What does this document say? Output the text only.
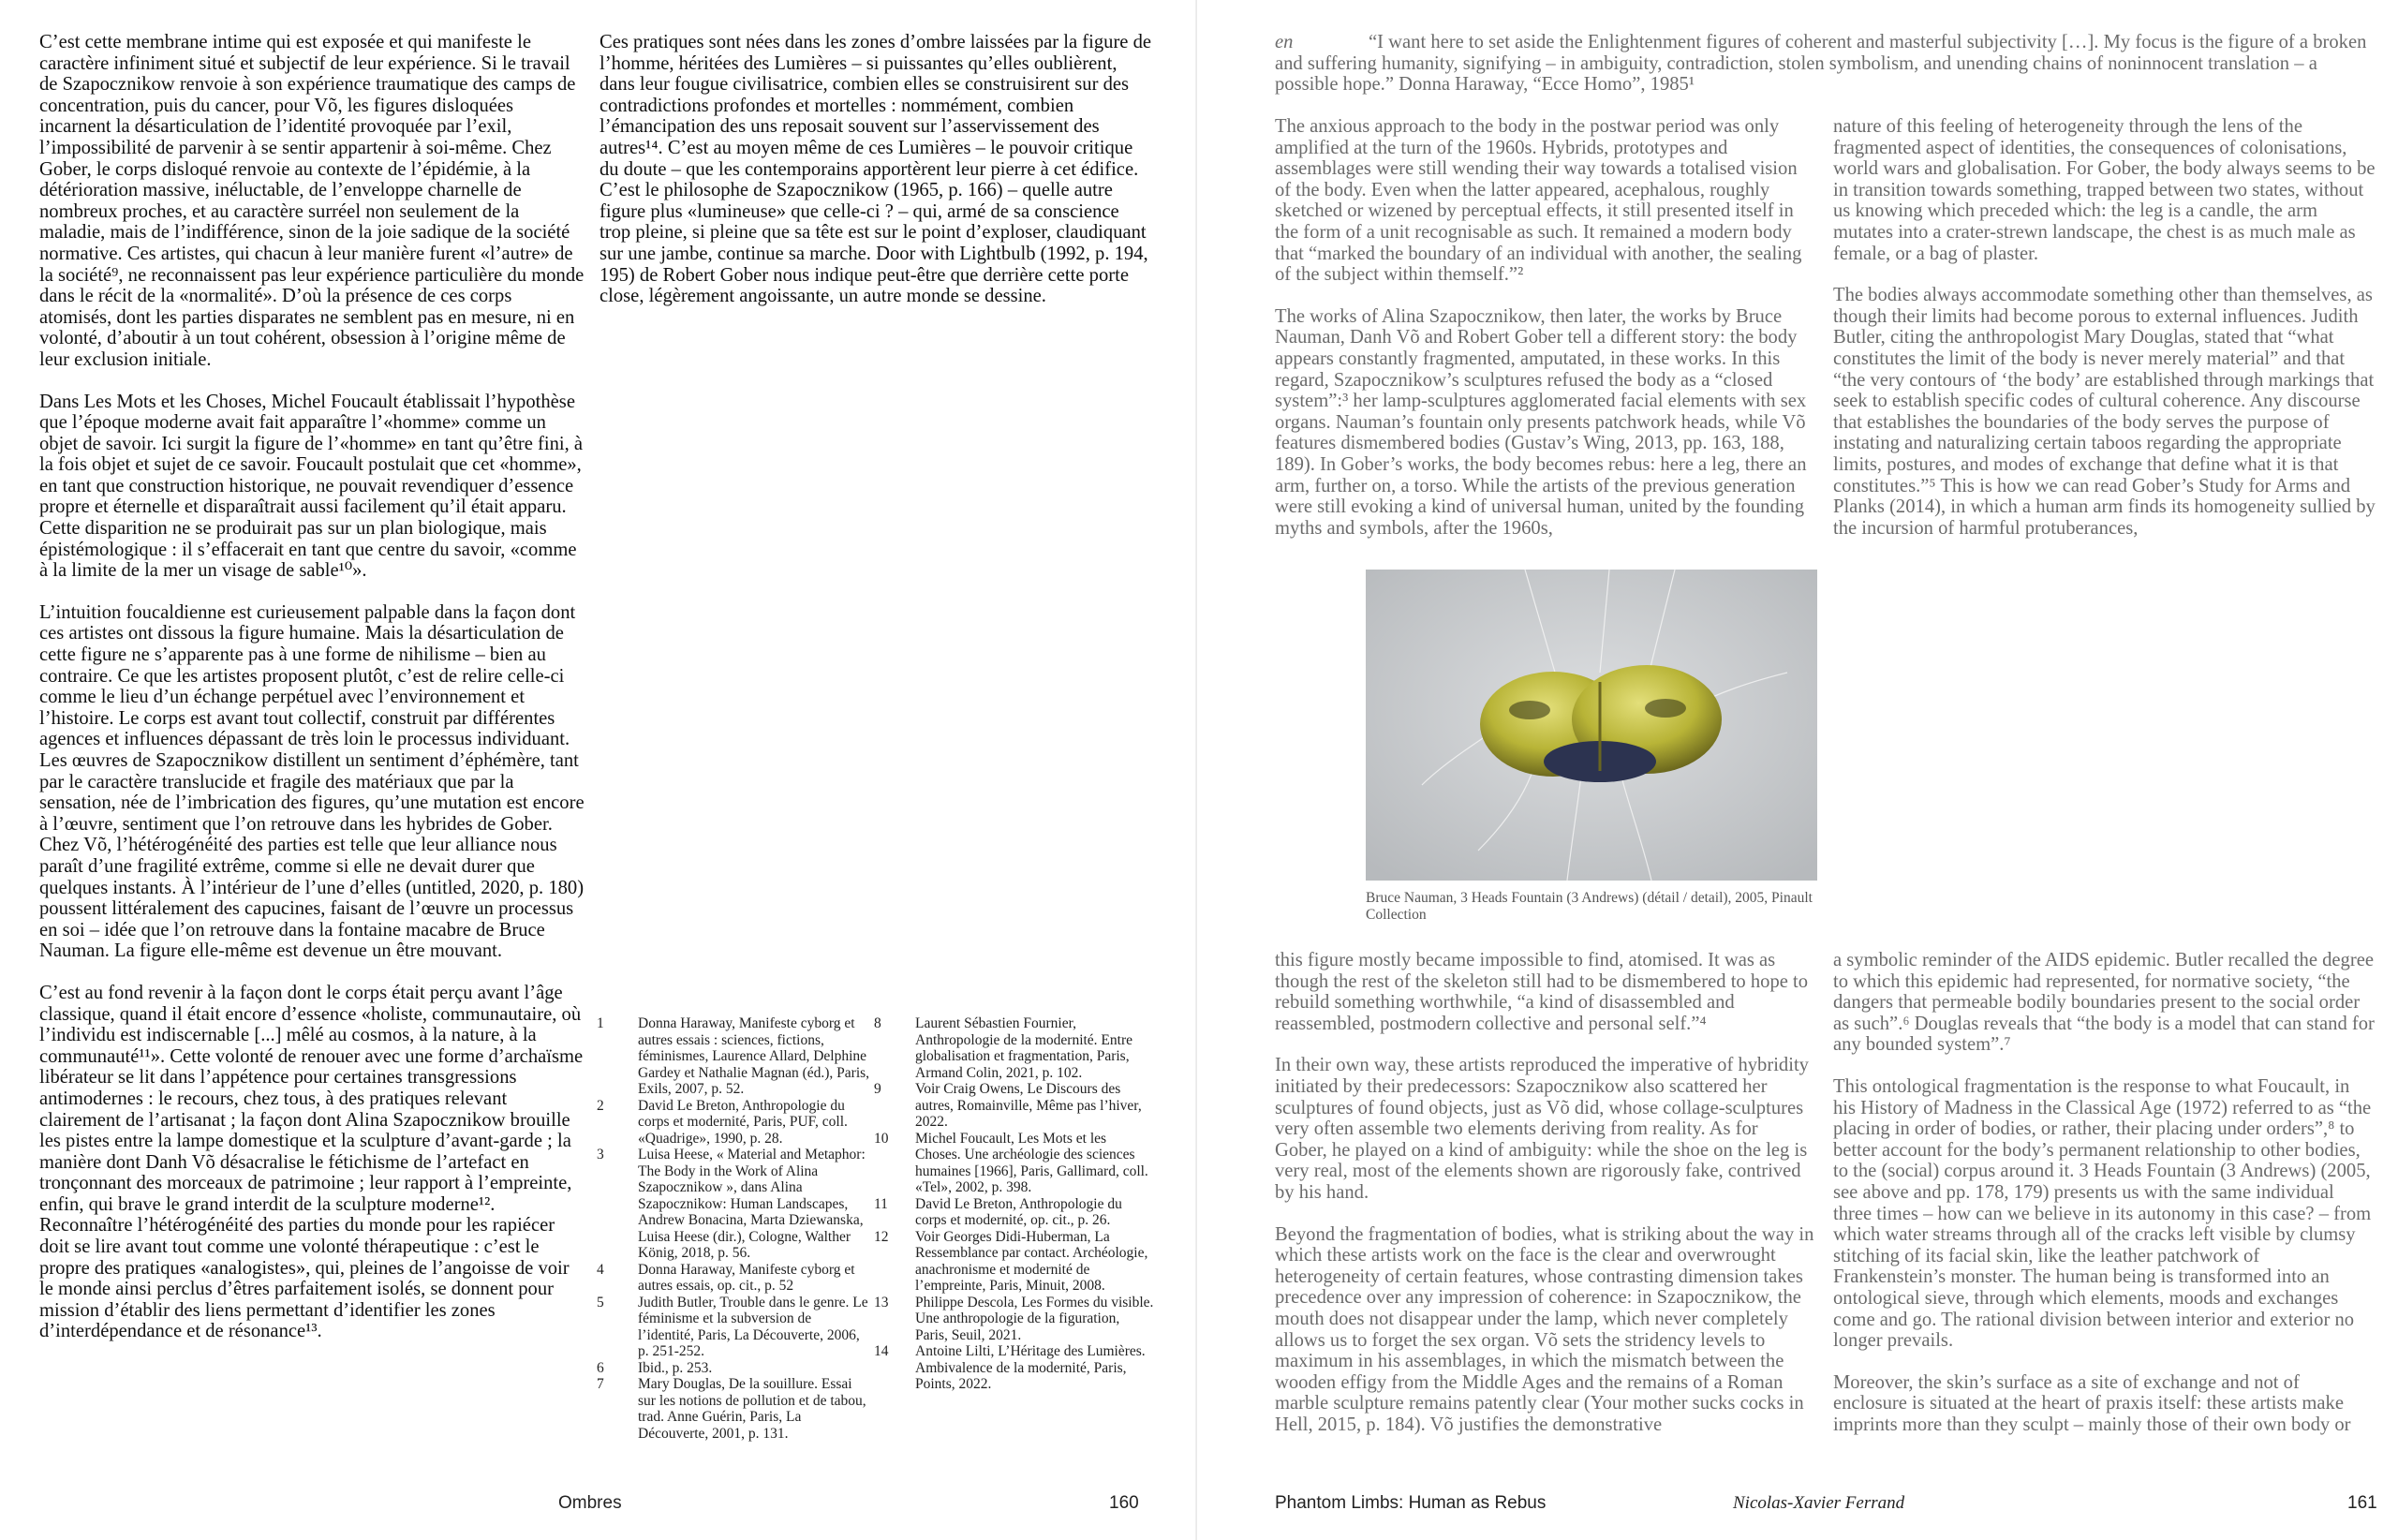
C’est cette membrane intime qui est exposée et qui manifeste le caractère infiniment situé et subjectif de leur expérience. Si le travail de Szapocznikow renvoie à son expérience traumatique des camps de concentration, puis du cancer, pour Võ, les figures disloquées incarnent la désarticulation de l’identité provoquée par l’exil, l’impossibilité de parvenir à se sentir appartenir à soi-même. Chez Gober, le corps disloqué renvoie au contexte de l’épidémie, à la détérioration massive, inéluctable, de l’enveloppe charnelle de nombreux proches, et au caractère surréel non seulement de la maladie, mais de l’indifférence, sinon de la joie sadique de la société normative. Ces artistes, qui chacun à leur manière furent «l’autre» de la société⁹, ne reconnaissent pas leur expérience particulière du monde dans le récit de la «normalité». D’où la présence de ces corps atomisés, dont les parties disparates ne semblent pas en mesure, ni en volonté, d’aboutir à un tout cohérent, obsession à l’origine même de leur exclusion initiale.

Dans Les Mots et les Choses, Michel Foucault établissait l’hypothèse que l’époque moderne avait fait apparaître l’«homme» comme un objet de savoir. Ici surgit la figure de l’«homme» en tant qu’être fini, à la fois objet et sujet de ce savoir. Foucault postulait que cet «homme», en tant que construction historique, ne pouvait revendiquer d’essence propre et éternelle et disparaîtrait aussi facilement qu’il était apparu. Cette disparition ne se produirait pas sur un plan biologique, mais épistémologique : il s’effacerait en tant que centre du savoir, «comme à la limite de la mer un visage de sable¹⁰».

L’intuition foucaldienne est curieusement palpable dans la façon dont ces artistes ont dissous la figure humaine. Mais la désarticulation de cette figure ne s’apparente pas à une forme de nihilisme – bien au contraire. Ce que les artistes proposent plutôt, c’est de relire celle-ci comme le lieu d’un échange perpétuel avec l’environnement et l’histoire. Le corps est avant tout collectif, construit par différentes agences et influences dépassant de très loin le processus individuant. Les œuvres de Szapocznikow distillent un sentiment d’éphémère, tant par le caractère translucide et fragile des matériaux que par la sensation, née de l’imbrication des figures, qu’une mutation est encore à l’œuvre, sentiment que l’on retrouve dans les hybrides de Gober. Chez Võ, l’hétérogénéité des parties est telle que leur alliance nous paraît d’une fragilité extrême, comme si elle ne devait durer que quelques instants. À l’intérieur de l’une d’elles (untitled, 2020, p. 180) poussent littéralement des capucines, faisant de l’œuvre un processus en soi – idée que l’on retrouve dans la fontaine macabre de Bruce Nauman. La figure elle-même est devenue un être mouvant.

C’est au fond revenir à la façon dont le corps était perçu avant l’âge classique, quand il était encore d’essence «holiste, communautaire, où l’individu est indiscernable [...] mêlé au cosmos, à la nature, à la communauté¹¹». Cette volonté de renouer avec une forme d’archaïsme libérateur se lit dans l’appétence pour certaines transgressions antimodernes : le recours, chez tous, à des pratiques relevant clairement de l’artisanat ; la façon dont Alina Szapocznikow brouille les pistes entre la lampe domestique et la sculpture d’avant-garde ; la manière dont Danh Võ désacralise le fétichisme de l’artefact en tronçonnant des morceaux de patrimoine ; leur rapport à l’empreinte, enfin, qui brave le grand interdit de la sculpture moderne¹². Reconnaître l’hétérogénéité des parties du monde pour les rapiécer doit se lire avant tout comme une volonté thérapeutique : c’est le propre des pratiques «analogistes», qui, pleines de l’angoisse de voir le monde ainsi perclus d’êtres parfaitement isolés, se donnent pour mission d’établir des liens permettant d’identifier les zones d’interdépendance et de résonance¹³.

Ces pratiques sont nées dans les zones d’ombre laissées par la figure de l’homme, héritées des Lumières – si puissantes qu’elles oublièrent, dans leur fougue civilisatrice, combien elles se construisirent sur des contradictions profondes et mortelles : nommément, combien l’émancipation des uns reposait souvent sur l’asservissement des autres¹⁴. C’est au moyen même de ces Lumières – le pouvoir critique du doute – que les contemporains apportèrent leur pierre à cet édifice. C’est le philosophe de Szapocznikow (1965, p. 166) – quelle autre figure plus «lumineuse» que celle-ci ? – qui, armé de sa conscience trop pleine, si pleine que sa tête est sur le point d’exploser, claudiquant sur une jambe, continue sa marche. Door with Lightbulb (1992, p. 194, 195) de Robert Gober nous indique peut-être que derrière cette porte close, légèrement angoissante, un autre monde se dessine.

1	Donna Haraway, Manifeste cyborg et autres essais : sciences, fictions, féminismes, Laurence Allard, Delphine Gardey et Nathalie Magnan (éd.), Paris, Exils, 2007, p. 52.
2	David Le Breton, Anthropologie du corps et modernité, Paris, PUF, coll. «Quadrige», 1990, p. 28.
3	Luisa Heese, « Material and Metaphor: The Body in the Work of Alina Szapocznikow », dans Alina Szapocznikow: Human Landscapes, Andrew Bonacina, Marta Dziewanska, Luisa Heese (dir.), Cologne, Walther König, 2018, p. 56.
4	Donna Haraway, Manifeste cyborg et autres essais, op. cit., p. 52
5	Judith Butler, Trouble dans le genre. Le féminisme et la subversion de l’identité, Paris, La Découverte, 2006, p. 251-252.
6	Ibid., p. 253.
7	Mary Douglas, De la souillure. Essai sur les notions de pollution et de tabou, trad. Anne Guérin, Paris, La Découverte, 2001, p. 131.
8	Laurent Sébastien Fournier, Anthropologie de la modernité. Entre globalisation et fragmentation, Paris, Armand Colin, 2021, p. 102.
9	Voir Craig Owens, Le Discours des autres, Romainville, Même pas l’hiver, 2022.
10	Michel Foucault, Les Mots et les Choses. Une archéologie des sciences humaines [1966], Paris, Gallimard, coll. «Tel», 2002, p. 398.
11	David Le Breton, Anthropologie du corps et modernité, op. cit., p. 26.
12	Voir Georges Didi-Huberman, La Ressemblance par contact. Archéologie, anachronisme et modernité de l’empreinte, Paris, Minuit, 2008.
13	Philippe Descola, Les Formes du visible. Une anthropologie de la figuration, Paris, Seuil, 2021.
14	Antoine Lilti, L’Héritage des Lumières. Ambivalence de la modernité, Paris, Points, 2022.
Ombres	160
en	“I want here to set aside the Enlightenment figures of coherent and masterful subjectivity […]. My focus is the figure of a broken and suffering humanity, signifying – in ambiguity, contradiction, stolen symbolism, and unending chains of noninnocent translation – a possible hope.” Donna Haraway, “Ecce Homo”, 1985¹

The anxious approach to the body in the postwar period was only amplified at the turn of the 1960s. Hybrids, prototypes and assemblages were still wending their way towards a totalised vision of the body. Even when the latter appeared, acephalous, roughly sketched or wizened by perceptual effects, it still presented itself in the form of a unit recognisable as such. It remained a modern body that “marked the boundary of an individual with another, the sealing of the subject within themself.”²

The works of Alina Szapocznikow, then later, the works by Bruce Nauman, Danh Võ and Robert Gober tell a different story: the body appears constantly fragmented, amputated, in these works. In this regard, Szapocznikow’s sculptures refused the body as a “closed system”:³ her lamp-sculptures agglomerated facial elements with sex organs. Nauman’s fountain only presents patchwork heads, while Võ features dismembered bodies (Gustav’s Wing, 2013, pp. 163, 188, 189). In Gober’s works, the body becomes rebus: here a leg, there an arm, further on, a torso. While the artists of the previous generation were still evoking a kind of universal human, united by the founding myths and symbols, after the 1960s,

nature of this feeling of heterogeneity through the lens of the fragmented aspect of identities, the consequences of colonisations, world wars and globalisation. For Gober, the body always seems to be in transition towards something, trapped between two states, without us knowing which preceded which: the leg is a candle, the arm mutates into a crater-strewn landscape, the chest is as much male as female, or a bag of plaster.

The bodies always accommodate something other than themselves, as though their limits had become porous to external influences. Judith Butler, citing the anthropologist Mary Douglas, stated that “what constitutes the limit of the body is never merely material” and that “the very contours of ‘the body’ are established through markings that seek to establish specific codes of cultural coherence. Any discourse that establishes the boundaries of the body serves the purpose of instating and naturalizing certain taboos regarding the appropriate limits, postures, and modes of exchange that define what it is that constitutes.”⁵ This is how we can read Gober’s Study for Arms and Planks (2014), in which a human arm finds its homogeneity sullied by the incursion of harmful protuberances,

Bruce Nauman, 3 Heads Fountain (3 Andrews) (détail / detail), 2005, Pinault Collection

this figure mostly became impossible to find, atomised. It was as though the rest of the skeleton still had to be dismembered to hope to rebuild something worthwhile, “a kind of disassembled and reassembled, postmodern collective and personal self.”⁴

In their own way, these artists reproduced the imperative of hybridity initiated by their predecessors: Szapocznikow also scattered her sculptures of found objects, just as Võ did, whose collage-sculptures very often assemble two elements deriving from reality. As for Gober, he played on a kind of ambiguity: while the shoe on the leg is very real, most of the elements shown are rigorously fake, contrived by his hand.

Beyond the fragmentation of bodies, what is striking about the way in which these artists work on the face is the clear and overwrought heterogeneity of certain features, whose contrasting dimension takes precedence over any impression of coherence: in Szapocznikow, the mouth does not disappear under the lamp, which never completely allows us to forget the sex organ. Võ sets the stridency levels to maximum in his assemblages, in which the mismatch between the wooden effigy from the Middle Ages and the remains of a Roman marble sculpture remains patently clear (Your mother sucks cocks in Hell, 2015, p. 184). Võ justifies the demonstrative

a symbolic reminder of the AIDS epidemic. Butler recalled the degree to which this epidemic had represented, for normative society, “the dangers that permeable bodily boundaries present to the social order as such”.⁶ Douglas reveals that “the body is a model that can stand for any bounded system”.⁷

This ontological fragmentation is the response to what Foucault, in his History of Madness in the Classical Age (1972) referred to as “the placing in order of bodies, or rather, their placing under orders”,⁸ to better account for the body’s permanent relationship to other bodies, to the (social) corpus around it. 3 Heads Fountain (3 Andrews) (2005, see above and pp. 178, 179) presents us with the same individual three times – how can we believe in its autonomy in this case? – from which water streams through all of the cracks left visible by clumsy stitching of its facial skin, like the leather patchwork of Frankenstein’s monster. The human being is transformed into an ontological sieve, through which elements, moods and exchanges come and go. The rational division between interior and exterior no longer prevails.

Moreover, the skin’s surface as a site of exchange and not of enclosure is situated at the heart of praxis itself: these artists make imprints more than they sculpt – mainly those of their own body or

Phantom Limbs: Human as Rebus	Nicolas-Xavier Ferrand	161
